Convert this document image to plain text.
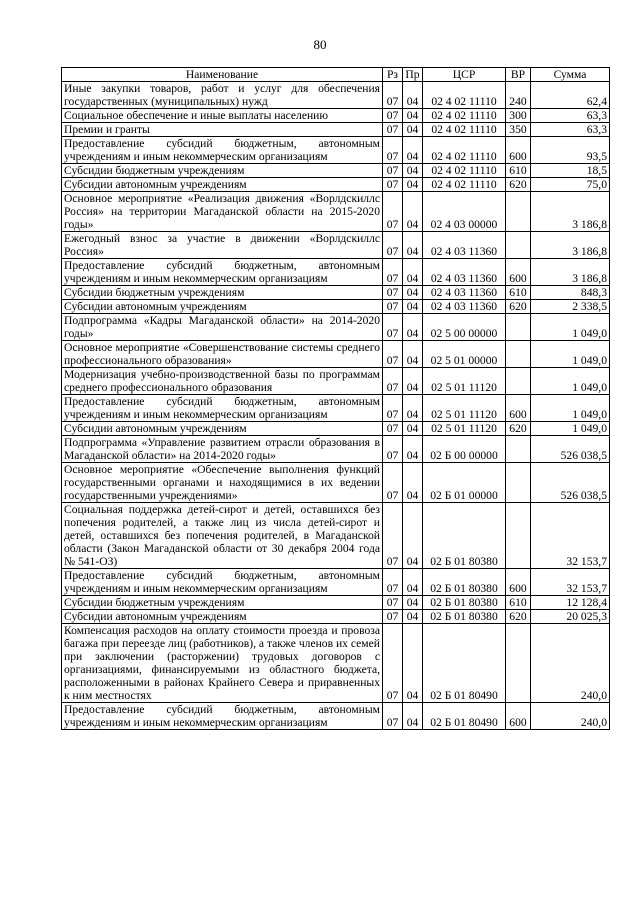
80
Наименование	Рз	Пр	ЦСР	ВР	Сумма
Иные закупки товаров, работ и услуг для обеспечения государственных (муниципальных) нужд	07	04	02 4 02 11110	240	62,4
Социальное обеспечение и иные выплаты населению	07	04	02 4 02 11110	300	63,3
Премии и гранты	07	04	02 4 02 11110	350	63,3
Предоставление субсидий бюджетным, автономным учреждениям и иным некоммерческим организациям	07	04	02 4 02 11110	600	93,5
Субсидии бюджетным учреждениям	07	04	02 4 02 11110	610	18,5
Субсидии автономным учреждениям	07	04	02 4 02 11110	620	75,0
Основное мероприятие «Реализация движения «Ворлдскиллс Россия» на территории Магаданской области на 2015-2020 годы»	07	04	02 4 03 00000		3 186,8
Ежегодный взнос за участие в движении «Ворлдскиллс Россия»	07	04	02 4 03 11360		3 186,8
Предоставление субсидий бюджетным, автономным учреждениям и иным некоммерческим организациям	07	04	02 4 03 11360	600	3 186,8
Субсидии бюджетным учреждениям	07	04	02 4 03 11360	610	848,3
Субсидии автономным учреждениям	07	04	02 4 03 11360	620	2 338,5
Подпрограмма «Кадры Магаданской области» на 2014-2020 годы»	07	04	02 5 00 00000		1 049,0
Основное мероприятие «Совершенствование системы среднего профессионального образования»	07	04	02 5 01 00000		1 049,0
Модернизация учебно-производственной базы по программам среднего профессионального образования	07	04	02 5 01 11120		1 049,0
Предоставление субсидий бюджетным, автономным учреждениям и иным некоммерческим организациям	07	04	02 5 01 11120	600	1 049,0
Субсидии автономным учреждениям	07	04	02 5 01 11120	620	1 049,0
Подпрограмма «Управление развитием отрасли образования в Магаданской области» на 2014-2020 годы»	07	04	02 Б 00 00000		526 038,5
Основное мероприятие «Обеспечение выполнения функций государственными органами и находящимися в их ведении государственными учреждениями»	07	04	02 Б 01 00000		526 038,5
Социальная поддержка детей-сирот и детей, оставшихся без попечения родителей, а также лиц из числа детей-сирот и детей, оставшихся без попечения родителей, в Магаданской области (Закон Магаданской области от 30 декабря 2004 года № 541-ОЗ)	07	04	02 Б 01 80380		32 153,7
Предоставление субсидий бюджетным, автономным учреждениям и иным некоммерческим организациям	07	04	02 Б 01 80380	600	32 153,7
Субсидии бюджетным учреждениям	07	04	02 Б 01 80380	610	12 128,4
Субсидии автономным учреждениям	07	04	02 Б 01 80380	620	20 025,3
Компенсация расходов на оплату стоимости проезда и провоза багажа при переезде лиц (работников), а также членов их семей при заключении (расторжении) трудовых договоров с организациями, финансируемыми из областного бюджета, расположенными в районах Крайнего Севера и приравненных к ним местностях	07	04	02 Б 01 80490		240,0
Предоставление субсидий бюджетным, автономным учреждениям и иным некоммерческим организациям	07	04	02 Б 01 80490	600	240,0
